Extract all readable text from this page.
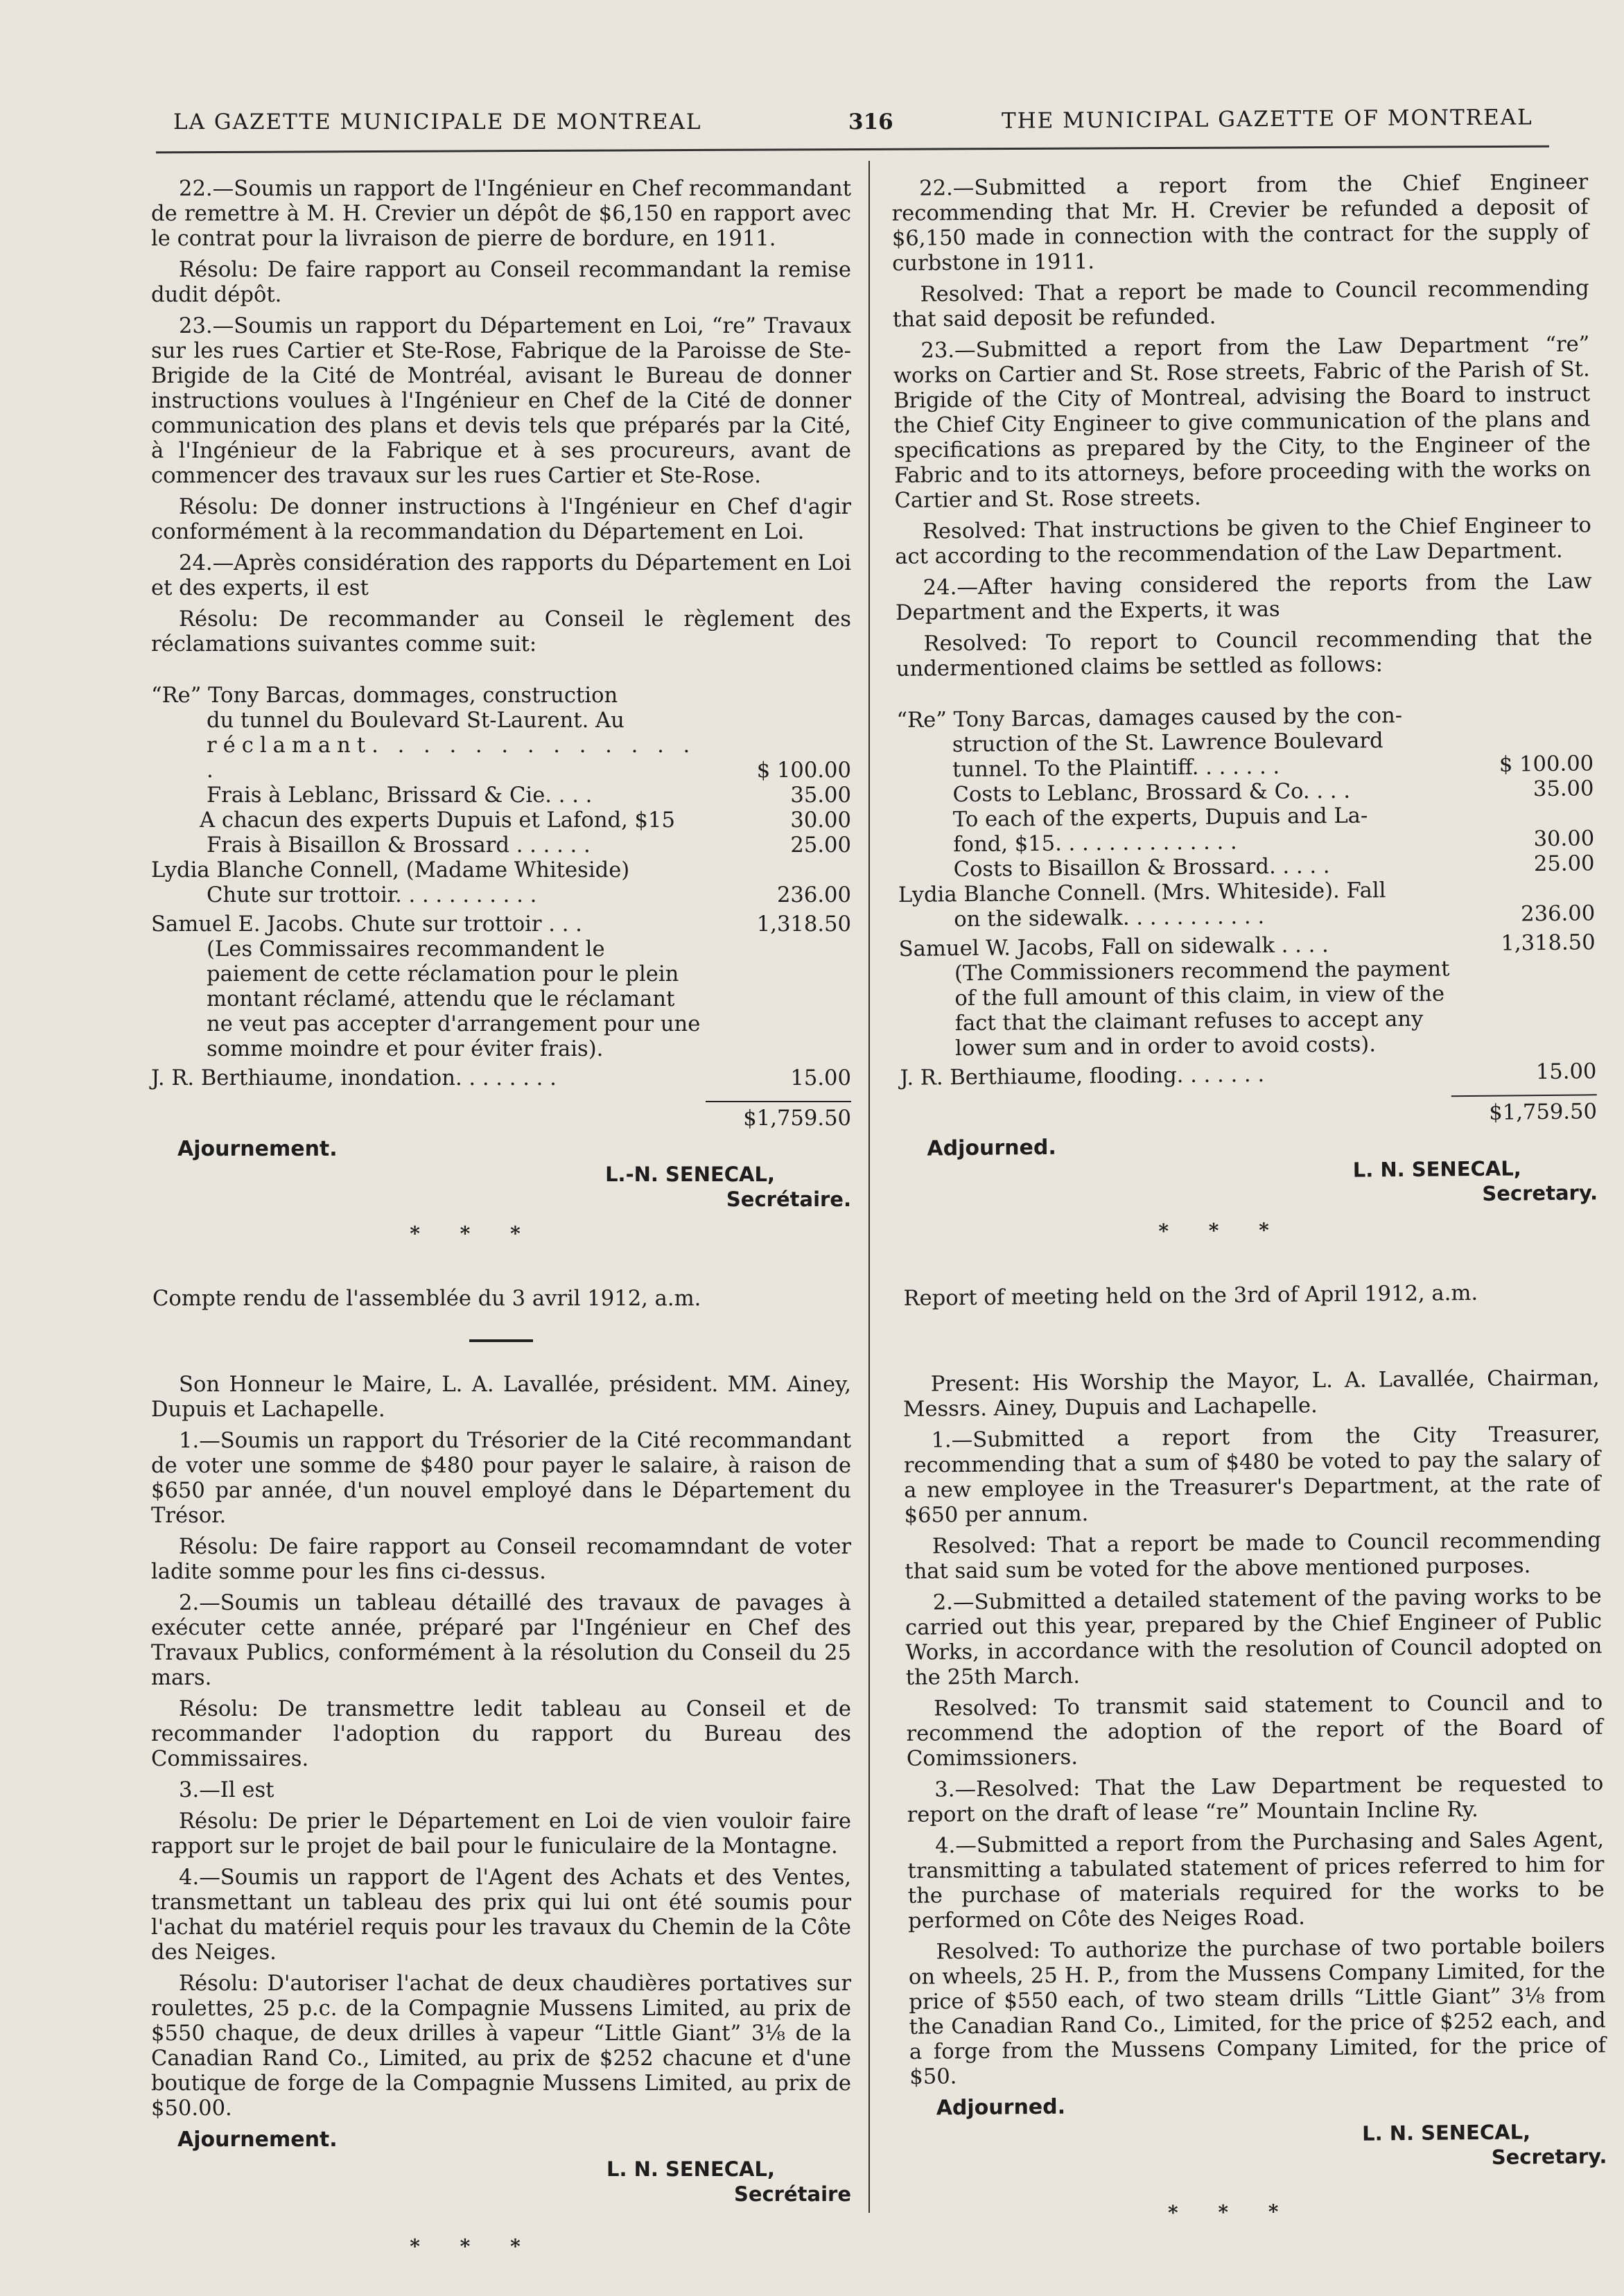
LA GAZETTE MUNICIPALE DE MONTREAL	316	THE MUNICIPAL GAZETTE OF MONTREAL

22.—Soumis un rapport de l'Ingénieur en Chef recommandant de remettre à M. H. Crevier un dépôt de $6,150 en rapport avec le contrat pour la livraison de pierre de bordure, en 1911.

Résolu: De faire rapport au Conseil recommandant la remise dudit dépôt.

23.—Soumis un rapport du Département en Loi, “re” Travaux sur les rues Cartier et Ste-Rose, Fabrique de la Paroisse de Ste-Brigide de la Cité de Montréal, avisant le Bureau de donner instructions voulues à l'Ingénieur en Chef de la Cité de donner communication des plans et devis tels que préparés par la Cité, à l'Ingénieur de la Fabrique et à ses procureurs, avant de commencer des travaux sur les rues Cartier et Ste-Rose.

Résolu: De donner instructions à l'Ingénieur en Chef d'agir conformément à la recommandation du Département en Loi.

24.—Après considération des rapports du Département en Loi et des experts, il est

Résolu: De recommander au Conseil le règlement des réclamations suivantes comme suit:

“Re” Tony Barcas, dommages, construction
du tunnel du Boulevard St-Laurent. Au
réclamant. . . . . . . . . . . . . .	$ 100.00
Frais à Leblanc, Brissard & Cie. . . .	35.00
A chacun des experts Dupuis et Lafond, $15	30.00
Frais à Bisaillon & Brossard . . . . . .	25.00
Lydia Blanche Connell, (Madame Whiteside)
Chute sur trottoir. . . . . . . . . . .	236.00
Samuel E. Jacobs. Chute sur trottoir . . .	1,318.50
(Les Commissaires recommandent le paiement de cette réclamation pour le plein montant réclamé, attendu que le réclamant ne veut pas accepter d'arrangement pour une somme moindre et pour éviter frais).
J. R. Berthiaume, inondation. . . . . . . .	15.00
$1,759.50
Ajournement.
L.-N. SENECAL,
Secrétaire.
* * *
Compte rendu de l'assemblée du 3 avril 1912, a.m.

Son Honneur le Maire, L. A. Lavallée, président. MM. Ainey, Dupuis et Lachapelle.

1.—Soumis un rapport du Trésorier de la Cité recommandant de voter une somme de $480 pour payer le salaire, à raison de $650 par année, d'un nouvel employé dans le Département du Trésor.

Résolu: De faire rapport au Conseil recomamndant de voter ladite somme pour les fins ci-dessus.

2.—Soumis un tableau détaillé des travaux de pavages à exécuter cette année, préparé par l'Ingénieur en Chef des Travaux Publics, conformément à la résolution du Conseil du 25 mars.

Résolu: De transmettre ledit tableau au Conseil et de recommander l'adoption du rapport du Bureau des Commissaires.

3.—Il est

Résolu: De prier le Département en Loi de vien vouloir faire rapport sur le projet de bail pour le funiculaire de la Montagne.

4.—Soumis un rapport de l'Agent des Achats et des Ventes, transmettant un tableau des prix qui lui ont été soumis pour l'achat du matériel requis pour les travaux du Chemin de la Côte des Neiges.

Résolu: D'autoriser l'achat de deux chaudières portatives sur roulettes, 25 p.c. de la Compagnie Mussens Limited, au prix de $550 chaque, de deux drilles à vapeur “Little Giant” 3⅛ de la Canadian Rand Co., Limited, au prix de $252 chacune et d'une boutique de forge de la Compagnie Mussens Limited, au prix de $50.00.

Ajournement.
L. N. SENECAL,
Secrétaire
* * *

22.—Submitted a report from the Chief Engineer recommending that Mr. H. Crevier be refunded a deposit of $6,150 made in connection with the contract for the supply of curbstone in 1911.

Resolved: That a report be made to Council recommending that said deposit be refunded.

23.—Submitted a report from the Law Department “re” works on Cartier and St. Rose streets, Fabric of the Parish of St. Brigide of the City of Montreal, advising the Board to instruct the Chief City Engineer to give communication of the plans and specifications as prepared by the City, to the Engineer of the Fabric and to its attorneys, before proceeding with the works on Cartier and St. Rose streets.

Resolved: That instructions be given to the Chief Engineer to act according to the recommendation of the Law Department.

24.—After having considered the reports from the Law Department and the Experts, it was

Resolved: To report to Council recommending that the undermentioned claims be settled as follows:

“Re” Tony Barcas, damages caused by the con-
struction of the St. Lawrence Boulevard
tunnel. To the Plaintiff. . . . . . .	$ 100.00
Costs to Leblanc, Brossard & Co. . . .	35.00
To each of the experts, Dupuis and La-
fond, $15. . . . . . . . . . . . . .	30.00
Costs to Bisaillon & Brossard. . . . .	25.00
Lydia Blanche Connell. (Mrs. Whiteside). Fall
on the sidewalk. . . . . . . . . . .	236.00
Samuel W. Jacobs, Fall on sidewalk . . . .	1,318.50
(The Commissioners recommend the payment of the full amount of this claim, in view of the fact that the claimant refuses to accept any lower sum and in order to avoid costs).
J. R. Berthiaume, flooding. . . . . . .	15.00
$1,759.50
Adjourned.
L. N. SENECAL,
Secretary.
* * *
Report of meeting held on the 3rd of April 1912, a.m.

Present: His Worship the Mayor, L. A. Lavallée, Chairman, Messrs. Ainey, Dupuis and Lachapelle.

1.—Submitted a report from the City Treasurer, recommending that a sum of $480 be voted to pay the salary of a new employee in the Treasurer's Department, at the rate of $650 per annum.

Resolved: That a report be made to Council recommending that said sum be voted for the above mentioned purposes.

2.—Submitted a detailed statement of the paving works to be carried out this year, prepared by the Chief Engineer of Public Works, in accordance with the resolution of Council adopted on the 25th March.

Resolved: To transmit said statement to Council and to recommend the adoption of the report of the Board of Comimssioners.

3.—Resolved: That the Law Department be requested to report on the draft of lease “re” Mountain Incline Ry.

4.—Submitted a report from the Purchasing and Sales Agent, transmitting a tabulated statement of prices referred to him for the purchase of materials required for the works to be performed on Côte des Neiges Road.

Resolved: To authorize the purchase of two portable boilers on wheels, 25 H. P., from the Mussens Company Limited, for the price of $550 each, of two steam drills “Little Giant” 3⅛ from the Canadian Rand Co., Limited, for the price of $252 each, and a forge from the Mussens Company Limited, for the price of $50.

Adjourned.
L. N. SENECAL,
Secretary.
* * *
